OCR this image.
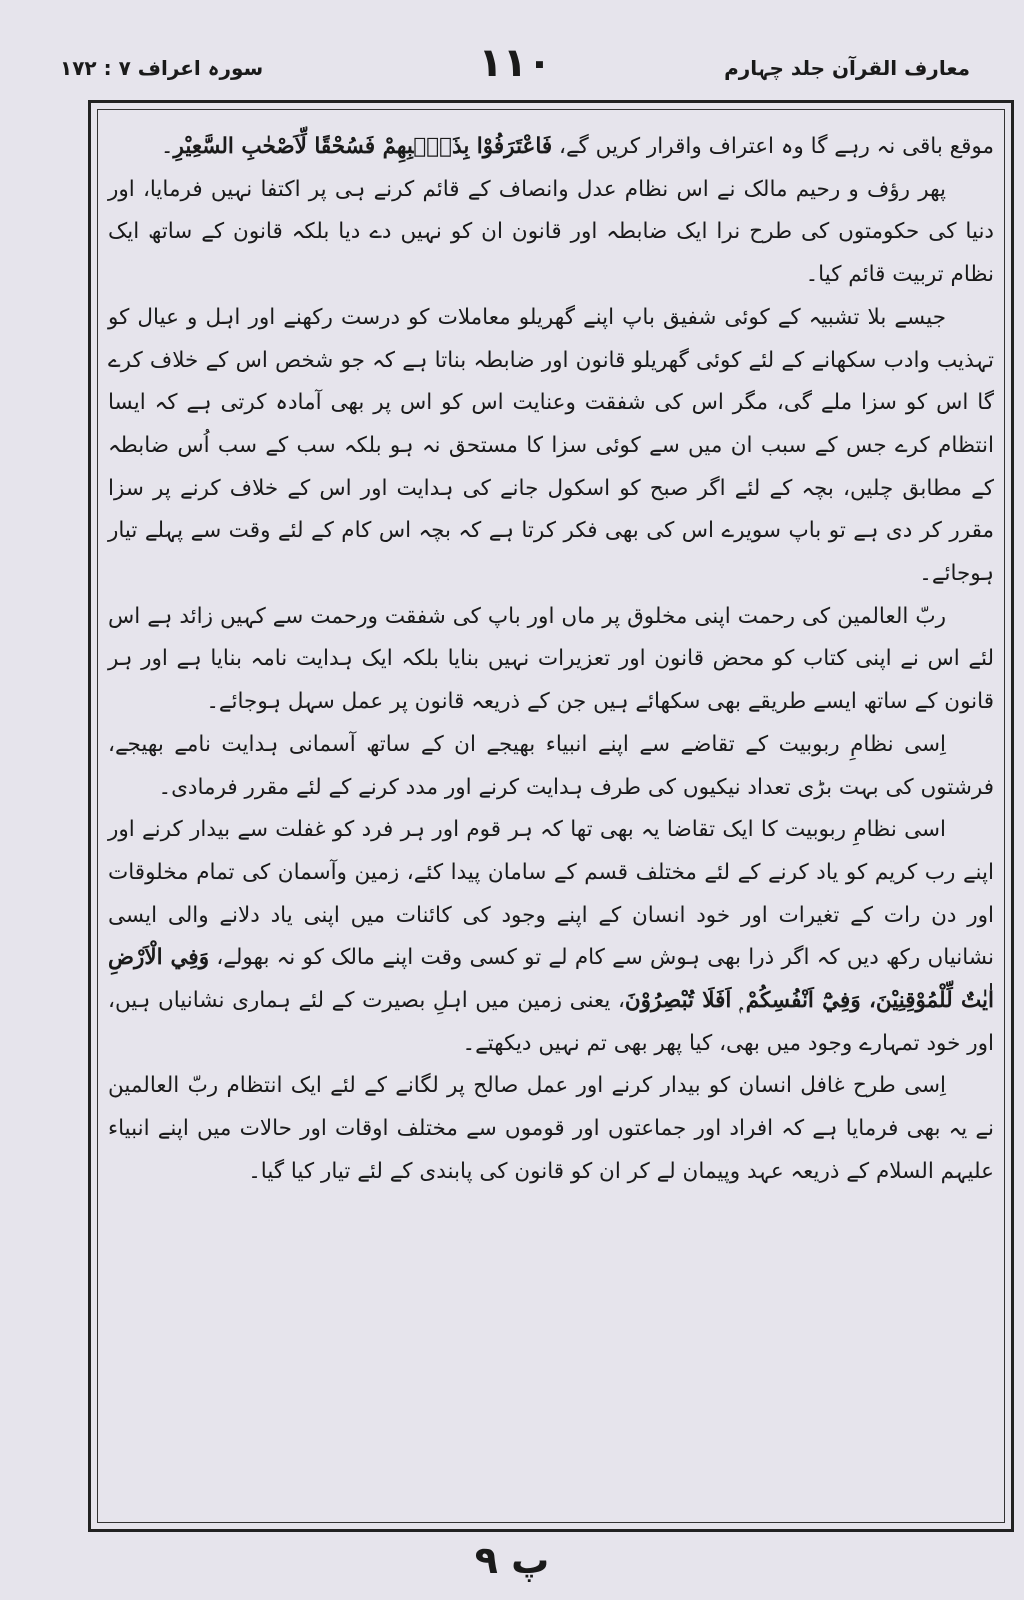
معارف القرآن جلد چہارم
١١٠
سورہ اعراف ٧ : ١٧٢

موقع باقی نہ رہے گا وہ اعتراف واقرار کریں گے، فَاعْتَرَفُوْا بِذَنْۢبِهِمْ فَسُحْقًا لِّاَصْحٰبِ السَّعِيْرِ۔

پھر رؤف و رحیم مالک نے اس نظام عدل وانصاف کے قائم کرنے ہی پر اکتفا نہیں فرمایا، اور دنیا کی حکومتوں کی طرح نرا ایک ضابطہ اور قانون ان کو نہیں دے دیا بلکہ قانون کے ساتھ ایک نظام تربیت قائم کیا۔

جیسے بلا تشبیہ کے کوئی شفیق باپ اپنے گھریلو معاملات کو درست رکھنے اور اہل و عیال کو تہذیب وادب سکھانے کے لئے کوئی گھریلو قانون اور ضابطہ بناتا ہے کہ جو شخص اس کے خلاف کرے گا اس کو سزا ملے گی، مگر اس کی شفقت وعنایت اس کو اس پر بھی آمادہ کرتی ہے کہ ایسا انتظام کرے جس کے سبب ان میں سے کوئی سزا کا مستحق نہ ہو بلکہ سب کے سب اُس ضابطہ کے مطابق چلیں، بچہ کے لئے اگر صبح کو اسکول جانے کی ہدایت اور اس کے خلاف کرنے پر سزا مقرر کر دی ہے تو باپ سویرے اس کی بھی فکر کرتا ہے کہ بچہ اس کام کے لئے وقت سے پہلے تیار ہوجائے۔

ربّ العالمین کی رحمت اپنی مخلوق پر ماں اور باپ کی شفقت ورحمت سے کہیں زائد ہے اس لئے اس نے اپنی کتاب کو محض قانون اور تعزیرات نہیں بنایا بلکہ ایک ہدایت نامہ بنایا ہے اور ہر قانون کے ساتھ ایسے طریقے بھی سکھائے ہیں جن کے ذریعہ قانون پر عمل سہل ہوجائے۔

اِسی نظامِ ربوبیت کے تقاضے سے اپنے انبیاء بھیجے ان کے ساتھ آسمانی ہدایت نامے بھیجے، فرشتوں کی بہت بڑی تعداد نیکیوں کی طرف ہدایت کرنے اور مدد کرنے کے لئے مقرر فرمادی۔

اسی نظامِ ربوبیت کا ایک تقاضا یہ بھی تھا کہ ہر قوم اور ہر فرد کو غفلت سے بیدار کرنے اور اپنے رب کریم کو یاد کرنے کے لئے مختلف قسم کے سامان پیدا کئے، زمین وآسمان کی تمام مخلوقات اور دن رات کے تغیرات اور خود انسان کے اپنے وجود کی کائنات میں اپنی یاد دلانے والی ایسی نشانیاں رکھ دیں کہ اگر ذرا بھی ہوش سے کام لے تو کسی وقت اپنے مالک کو نہ بھولے، وَفِي الْاَرْضِ اٰيٰتٌ لِّلْمُوْقِنِيْنَ، وَفِيْٓ اَنْفُسِكُمْ ۭ اَفَلَا تُبْصِرُوْنَ، یعنی زمین میں اہلِ بصیرت کے لئے ہماری نشانیاں ہیں، اور خود تمہارے وجود میں بھی، کیا پھر بھی تم نہیں دیکھتے۔

اِسی طرح غافل انسان کو بیدار کرنے اور عمل صالح پر لگانے کے لئے ایک انتظام ربّ العالمین نے یہ بھی فرمایا ہے کہ افراد اور جماعتوں اور قوموں سے مختلف اوقات اور حالات میں اپنے انبیاء علیہم السلام کے ذریعہ عہد وپیمان لے کر ان کو قانون کی پابندی کے لئے تیار کیا گیا۔

پ ٩
